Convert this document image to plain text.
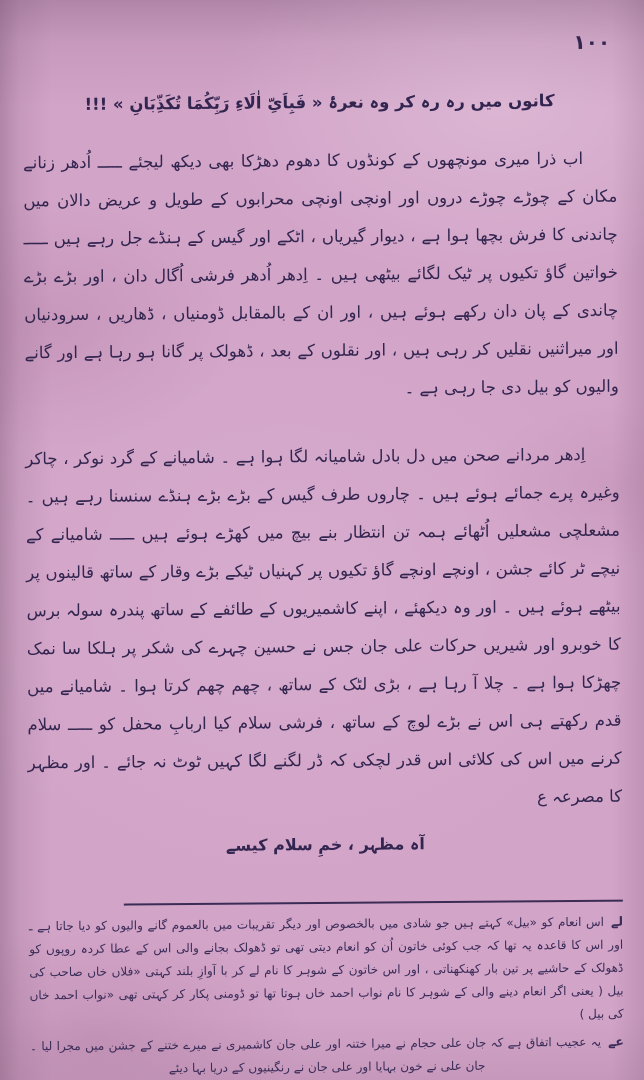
۱۰۰
کانوں میں رہ رہ کر وہ نعرۂ « فَبِاَیِّ اٰلَاءِ رَبِّکُمَا تُکَذِّبَانِ » !!!

اب ذرا میری مونچھوں کے کونڈوں کا دھوم دھڑکا بھی دیکھ لیجئے ـــــ اُدھر زنانے مکان کے چوڑے چوڑے دروں اور اونچی اونچی محرابوں کے طویل و عریض دالان میں چاندنی کا فرش بچھا ہوا ہے ، دیوار گیریاں ، اٹکے اور گیس کے ہنڈے جل رہے ہیں ـــــ خواتین گاؤ تکیوں پر ٹیک لگائے بیٹھی ہیں ۔ اِدھر اُدھر فرشی اُگال دان ، اور بڑے بڑے چاندی کے پان دان رکھے ہوئے ہیں ، اور ان کے بالمقابل ڈومنیاں ، ڈھاریں ، سرودنیاں اور میراثنیں نقلیں کر رہی ہیں ، اور نقلوں کے بعد ، ڈھولک پر گانا ہو رہا ہے اور گانے والیوں کو بیل دی جا رہی ہے ۔

اِدھر مردانے صحن میں دل بادل شامیانہ لگا ہوا ہے ۔ شامیانے کے گرد نوکر ، چاکر وغیرہ پرے جمائے ہوئے ہیں ۔ چاروں طرف گیس کے بڑے بڑے ہنڈے سنسنا رہے ہیں ۔ مشعلچی مشعلیں اُٹھائے ہمہ تن انتظار بنے بیچ میں کھڑے ہوئے ہیں ـــــ شامیانے کے نیچے ٹر کائے جشن ، اونچے اونچے گاؤ تکیوں پر کہنیاں ٹیکے بڑے وقار کے ساتھ قالینوں پر بیٹھے ہوئے ہیں ۔ اور وہ دیکھئے ، اپنے کاشمیریوں کے طائفے کے ساتھ پندرہ سولہ برس کا خوبرو اور شیریں حرکات علی جان جس نے حسین چہرے کی شکر پر ہلکا سا نمک چھڑکا ہوا ہے ۔ چلا آ رہا ہے ، بڑی لٹک کے ساتھ ، چھم چھم کرتا ہوا ۔ شامیانے میں قدم رکھتے ہی اس نے بڑے لوچ کے ساتھ ، فرشی سلام کیا اربابِ محفل کو ـــــ سلام کرنے میں اس کی کلائی اس قدر لچکی کہ ڈر لگنے لگا کہیں ٹوٹ نہ جائے ۔ اور مظہر کا مصرعہ ع

آہ مظہر ، خمِ سلام کیسے
لےاس انعام کو «بیل» کہتے ہیں جو شادی میں بالخصوص اور دیگر تقریبات میں بالعموم گانے والیوں کو دیا جاتا ہے ـ اور اس کا قاعدہ یہ تھا کہ جب کوئی خاتون اُن کو انعام دیتی تھی تو ڈھولک بجانے والی اس کے عطا کردہ روپوں کو ڈھولک کے حاشیے پر تین بار کھنکھناتی ، اور اس خاتون کے شوہر کا نام لے کر با آوازِ بلند کہتی «فلاں خاں صاحب کی بیل ( یعنی اگر انعام دینے والی کے شوہر کا نام نواب احمد خاں ہوتا تھا تو ڈومنی پکار کر کہتی تھی «نواب احمد خاں کی بیل )
عےیہ عجیب اتفاق ہے کہ جان علی حجام نے میرا ختنہ اور علی جان کاشمیری نے میرے ختنے کے جشن میں مجرا لیا ۔ جان علی نے خون بہایا اور علی جان نے رنگینیوں کے دریا بہا دیئے
